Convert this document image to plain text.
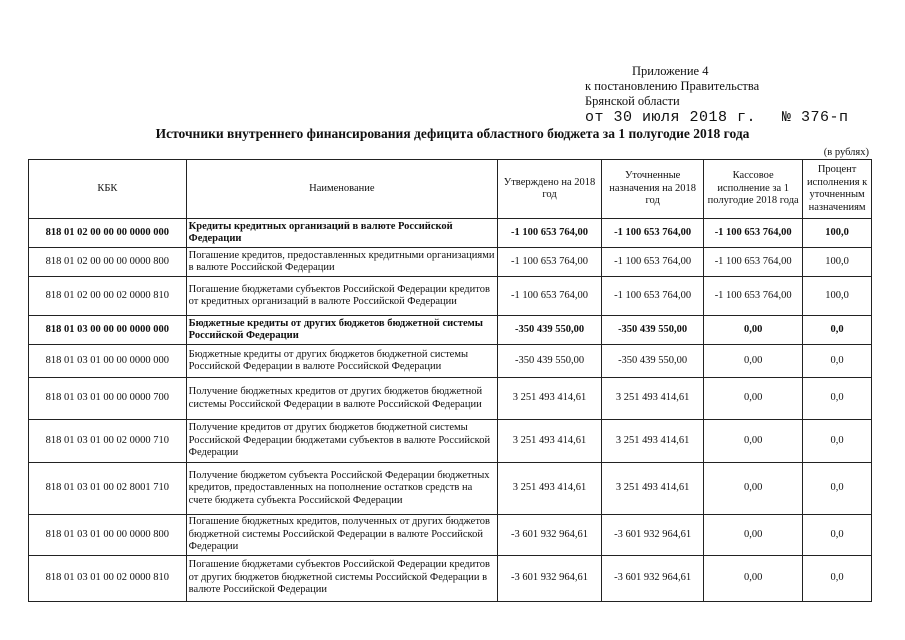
Приложение 4
к постановлению Правительства
Брянской области
от 30 июля 2018 г. № 376-п
Источники внутреннего финансирования дефицита областного бюджета за 1 полугодие 2018 года
(в рублях)
КБК	Наименование	Утверждено на 2018 год	Уточненные назначения на 2018 год	Кассовое исполнение за 1 полугодие 2018 года	Процент исполнения к уточненным назначениям
818 01 02 00 00 00 0000 000	Кредиты кредитных организаций в валюте Российской Федерации	-1 100 653 764,00	-1 100 653 764,00	-1 100 653 764,00	100,0
818 01 02 00 00 00 0000 800	Погашение кредитов, предоставленных кредитными организациями в валюте Российской Федерации	-1 100 653 764,00	-1 100 653 764,00	-1 100 653 764,00	100,0
818 01 02 00 00 02 0000 810	Погашение бюджетами субъектов Российской Федерации кредитов от кредитных организаций в валюте Российской Федерации	-1 100 653 764,00	-1 100 653 764,00	-1 100 653 764,00	100,0
818 01 03 00 00 00 0000 000	Бюджетные кредиты от других бюджетов бюджетной системы Российской Федерации	-350 439 550,00	-350 439 550,00	0,00	0,0
818 01 03 01 00 00 0000 000	Бюджетные кредиты от других бюджетов бюджетной системы Российской Федерации в валюте Российской Федерации	-350 439 550,00	-350 439 550,00	0,00	0,0
818 01 03 01 00 00 0000 700	Получение бюджетных кредитов от других бюджетов бюджетной системы Российской Федерации в валюте Российской Федерации	3 251 493 414,61	3 251 493 414,61	0,00	0,0
818 01 03 01 00 02 0000 710	Получение кредитов от других бюджетов бюджетной системы Российской Федерации бюджетами субъектов в валюте Российской Федерации	3 251 493 414,61	3 251 493 414,61	0,00	0,0
818 01 03 01 00 02 8001 710	Получение бюджетом субъекта Российской Федерации бюджетных кредитов, предоставленных на пополнение остатков средств на счете бюджета субъекта Российской Федерации	3 251 493 414,61	3 251 493 414,61	0,00	0,0
818 01 03 01 00 00 0000 800	Погашение бюджетных кредитов, полученных от других бюджетов бюджетной системы Российской Федерации в валюте Российской Федерации	-3 601 932 964,61	-3 601 932 964,61	0,00	0,0
818 01 03 01 00 02 0000 810	Погашение бюджетами субъектов Российской Федерации кредитов от других бюджетов бюджетной системы Российской Федерации в валюте Российской Федерации	-3 601 932 964,61	-3 601 932 964,61	0,00	0,0
